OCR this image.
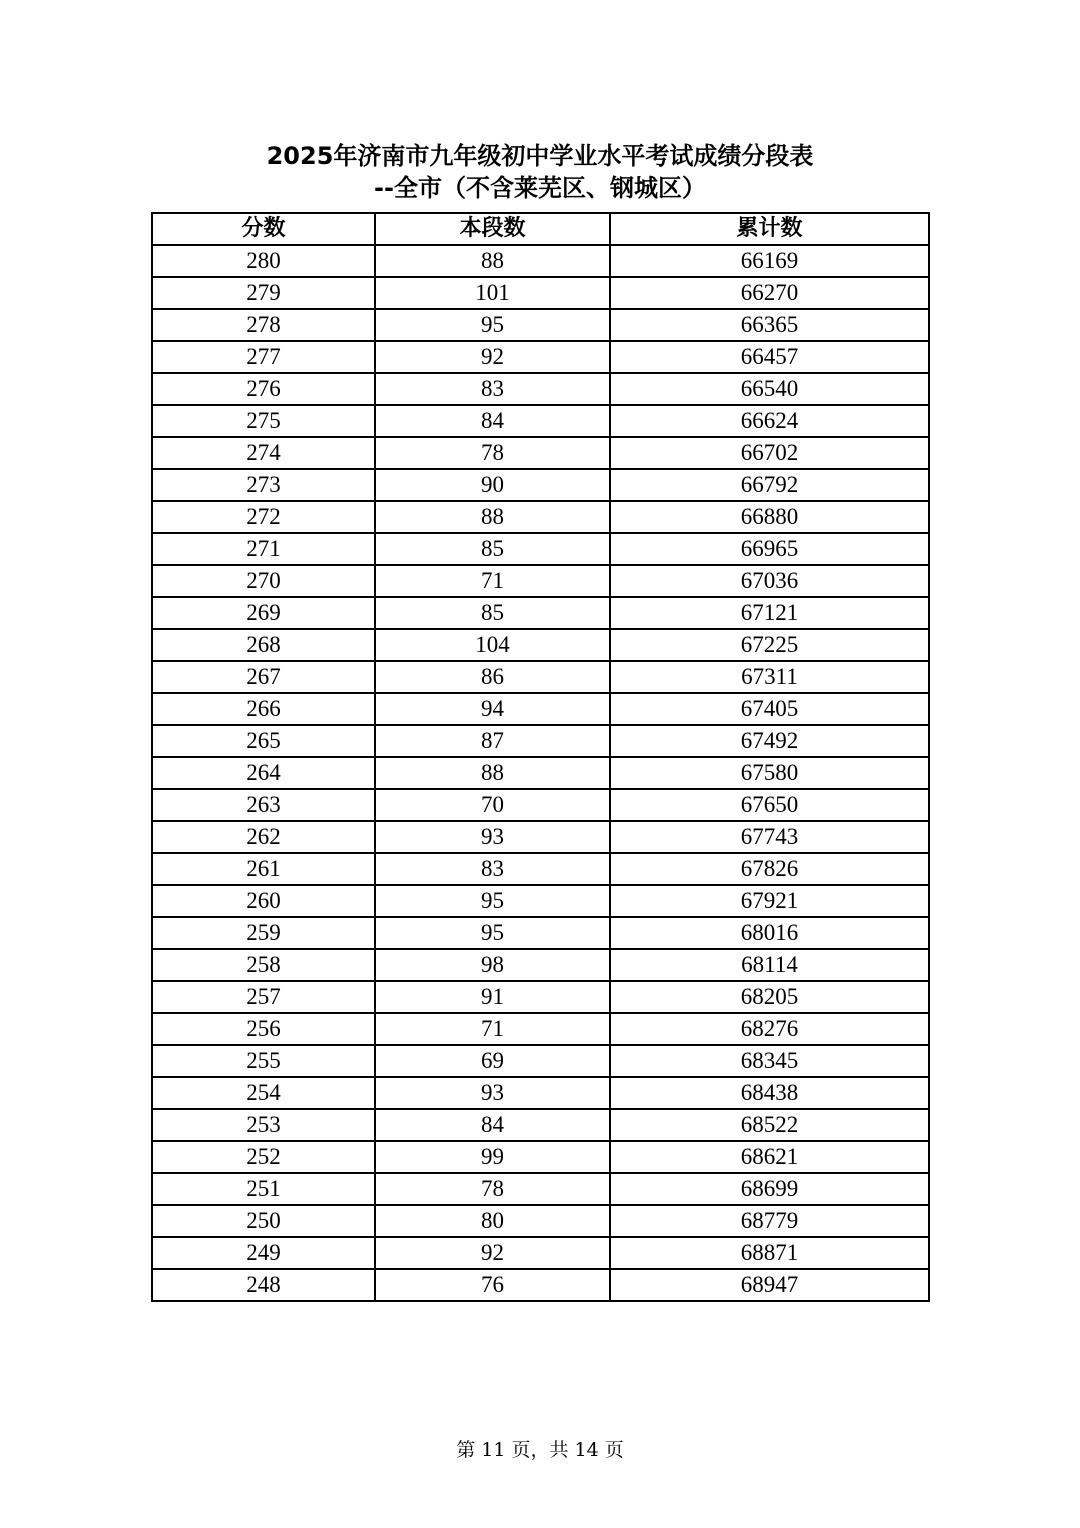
2025年济南市九年级初中学业水平考试成绩分段表
--全市（不含莱芜区、钢城区）
分数	本段数	累计数
280	88	66169
279	101	66270
278	95	66365
277	92	66457
276	83	66540
275	84	66624
274	78	66702
273	90	66792
272	88	66880
271	85	66965
270	71	67036
269	85	67121
268	104	67225
267	86	67311
266	94	67405
265	87	67492
264	88	67580
263	70	67650
262	93	67743
261	83	67826
260	95	67921
259	95	68016
258	98	68114
257	91	68205
256	71	68276
255	69	68345
254	93	68438
253	84	68522
252	99	68621
251	78	68699
250	80	68779
249	92	68871
248	76	68947
第 11 页，共 14 页
